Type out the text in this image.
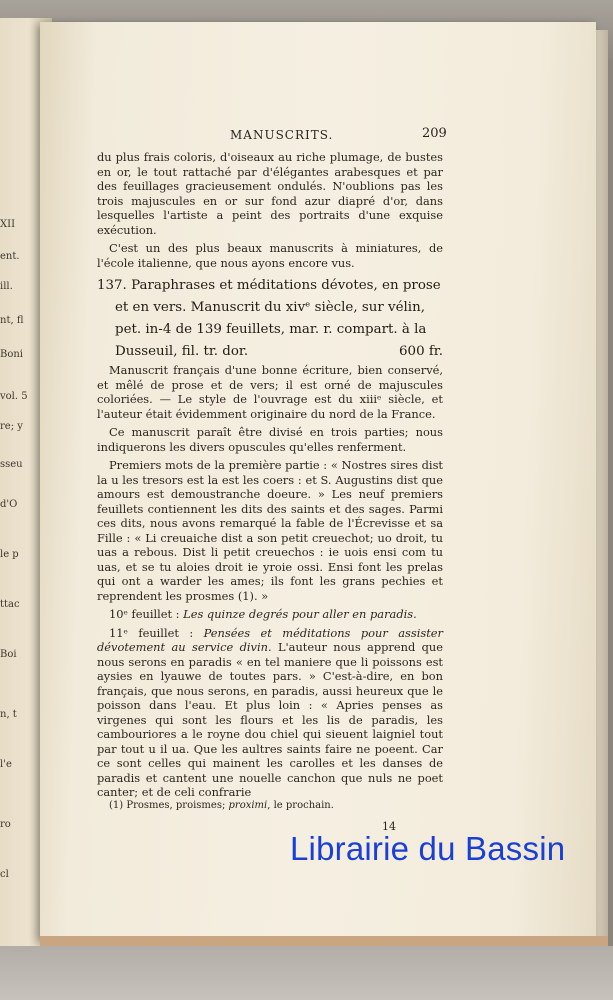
XII
ent.
ill.
nt, fl
Boni
vol. 5
re; y
sseu
d'O
le p
ttac
Boi
n, t
l'e
ro
cl
MANUSCRITS.	209

du plus frais coloris, d'oiseaux au riche plumage, de bustes en or, le tout rattaché par d'élégantes arabesques et par des feuillages gracieusement ondulés. N'oublions pas les trois majuscules en or sur fond azur diapré d'or, dans lesquelles l'artiste a peint des portraits d'une exquise exécution.

C'est un des plus beaux manuscrits à miniatures, de l'école italienne, que nous ayons encore vus.

137. Paraphrases et méditations dévotes, en prose et en vers. Manuscrit du xivᵉ siècle, sur vélin, pet. in-4 de 139 feuillets, mar. r. compart. à la Dusseuil, fil. tr. dor.	600 fr.

Manuscrit français d'une bonne écriture, bien conservé, et mêlé de prose et de vers; il est orné de majuscules coloriées. — Le style de l'ouvrage est du xiiiᵉ siècle, et l'auteur était évidemment originaire du nord de la France.

Ce manuscrit paraît être divisé en trois parties; nous indiquerons les divers opuscules qu'elles renferment.

Premiers mots de la première partie : « Nostres sires dist la u les tresors est la est les coers : et S. Augustins dist que amours est demoustranche doeure. » Les neuf premiers feuillets contiennent les dits des saints et des sages. Parmi ces dits, nous avons remarqué la fable de l'Écrevisse et sa Fille : « Li creuaiche dist a son petit creuechot; uo droit, tu uas a rebous. Dist li petit creuechos : ie uois ensi com tu uas, et se tu aloies droit ie yroie ossi. Ensi font les prelas qui ont a warder les ames; ils font les grans pechies et reprendent les prosmes (1). »

10ᵉ feuillet : Les quinze degrés pour aller en paradis.

11ᵉ feuillet : Pensées et méditations pour assister dévotement au service divin. L'auteur nous apprend que nous serons en paradis « en tel maniere que li poissons est aysies en lyauwe de toutes pars. » C'est-à-dire, en bon français, que nous serons, en paradis, aussi heureux que le poisson dans l'eau. Et plus loin : « Apries penses as virgenes qui sont les flours et les lis de paradis, les cambouriores a le royne dou chiel qui sieuent laigniel tout par tout u il ua. Que les aultres saints faire ne poeent. Car ce sont celles qui mainent les carolles et les danses de paradis et cantent une nouelle canchon que nuls ne poet canter; et de celi confrarie

(1) Prosmes, proismes; proximi, le prochain.
14
Librairie du Bassin
